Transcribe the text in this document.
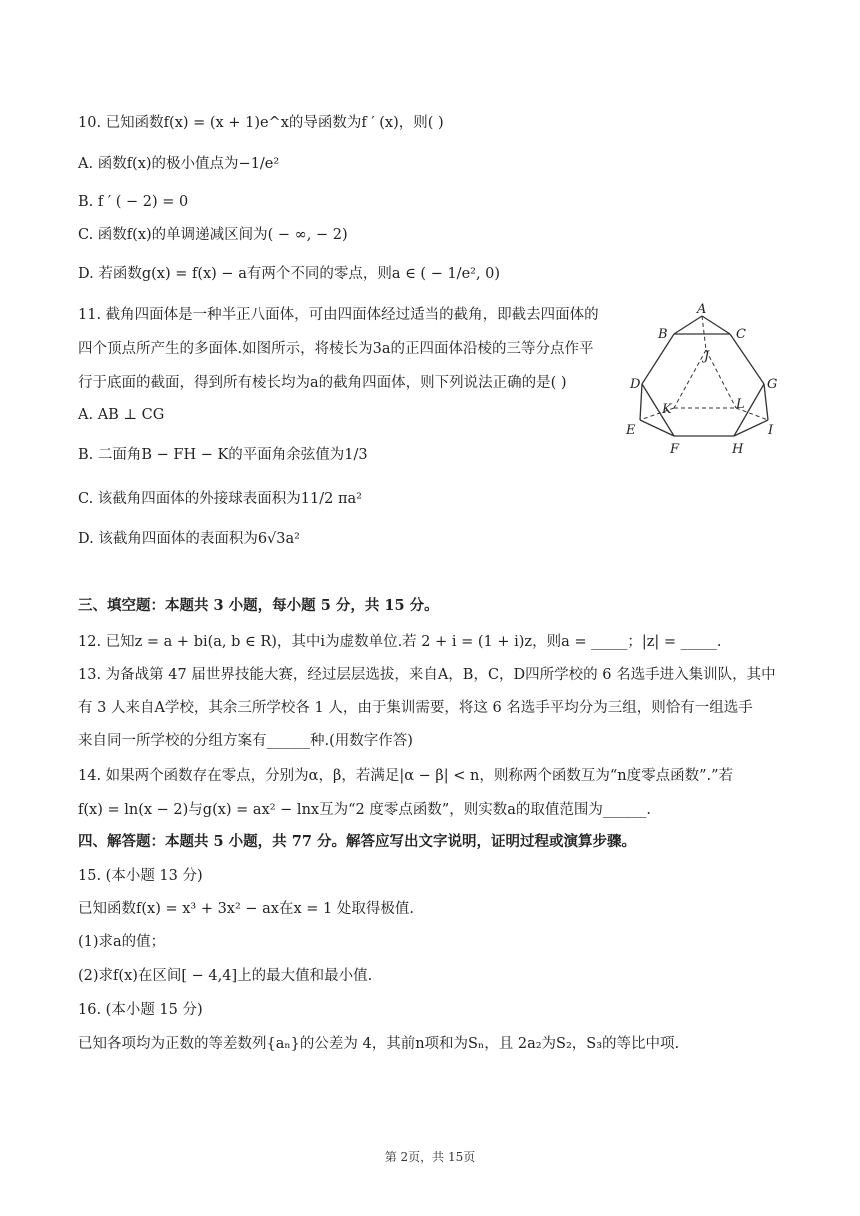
10. 已知函数f(x) = (x + 1)e^x的导函数为f ′ (x)，则( )
A. 函数f(x)的极小值点为−1/e²
B. f ′ ( − 2) = 0
C. 函数f(x)的单调递减区间为( − ∞, − 2)
D. 若函数g(x) = f(x) − a有两个不同的零点，则a ∈ ( − 1/e², 0)
11. 截角四面体是一种半正八面体，可由四面体经过适当的截角，即截去四面体的
四个顶点所产生的多面体.如图所示，将棱长为3a的正四面体沿棱的三等分点作平
行于底面的截面，得到所有棱长均为a的截角四面体，则下列说法正确的是( )
A. AB ⊥ CG
B. 二面角B − FH − K的平面角余弦值为1/3
C. 该截角四面体的外接球表面积为11/2 πa²
D. 该截角四面体的表面积为6√3a²
三、填空题：本题共 3 小题，每小题 5 分，共 15 分。
12. 已知z = a + bi(a, b ∈ R)，其中i为虚数单位.若 2 + i = (1 + i)z，则a = _____；|z| = _____.
13. 为备战第 47 届世界技能大赛，经过层层选拔，来自A，B，C，D四所学校的 6 名选手进入集训队，其中
有 3 人来自A学校，其余三所学校各 1 人，由于集训需要，将这 6 名选手平均分为三组，则恰有一组选手
来自同一所学校的分组方案有______种.(用数字作答)
14. 如果两个函数存在零点，分别为α，β，若满足|α − β| < n，则称两个函数互为“n度零点函数”.”若
f(x) = ln(x − 2)与g(x) = ax² − lnx互为“2 度零点函数”，则实数a的取值范围为______.
四、解答题：本题共 5 小题，共 77 分。解答应写出文字说明，证明过程或演算步骤。
15. (本小题 13 分)
已知函数f(x) = x³ + 3x² − ax在x = 1 处取得极值.
(1)求a的值；
(2)求f(x)在区间[ − 4,4]上的最大值和最小值.
16. (本小题 15 分)
已知各项均为正数的等差数列{aₙ}的公差为 4，其前n项和为Sₙ，且 2a₂为S₂，S₃的等比中项.
A
B	C
D	G
J
K	L
E	I
F	H
第 2页，共 15页
